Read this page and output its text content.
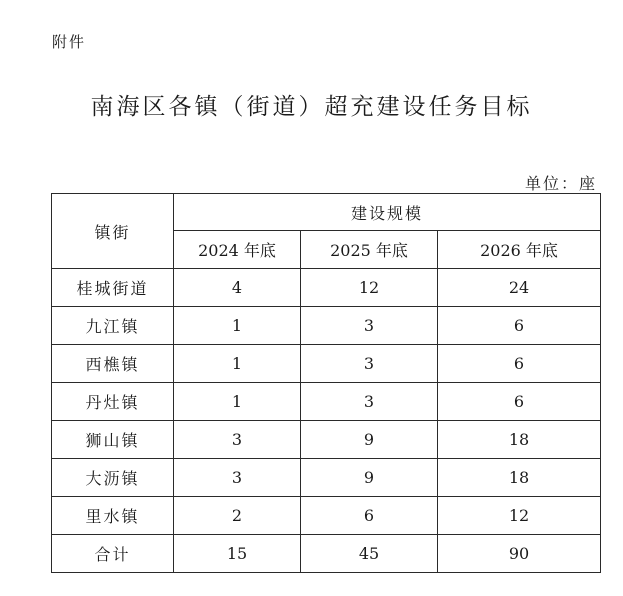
附件
南海区各镇（街道）超充建设任务目标
单位：座
镇街	建设规模		
	2024 年底	2025 年底	2026 年底
桂城街道	4	12	24
九江镇	1	3	6
西樵镇	1	3	6
丹灶镇	1	3	6
狮山镇	3	9	18
大沥镇	3	9	18
里水镇	2	6	12
合计	15	45	90
